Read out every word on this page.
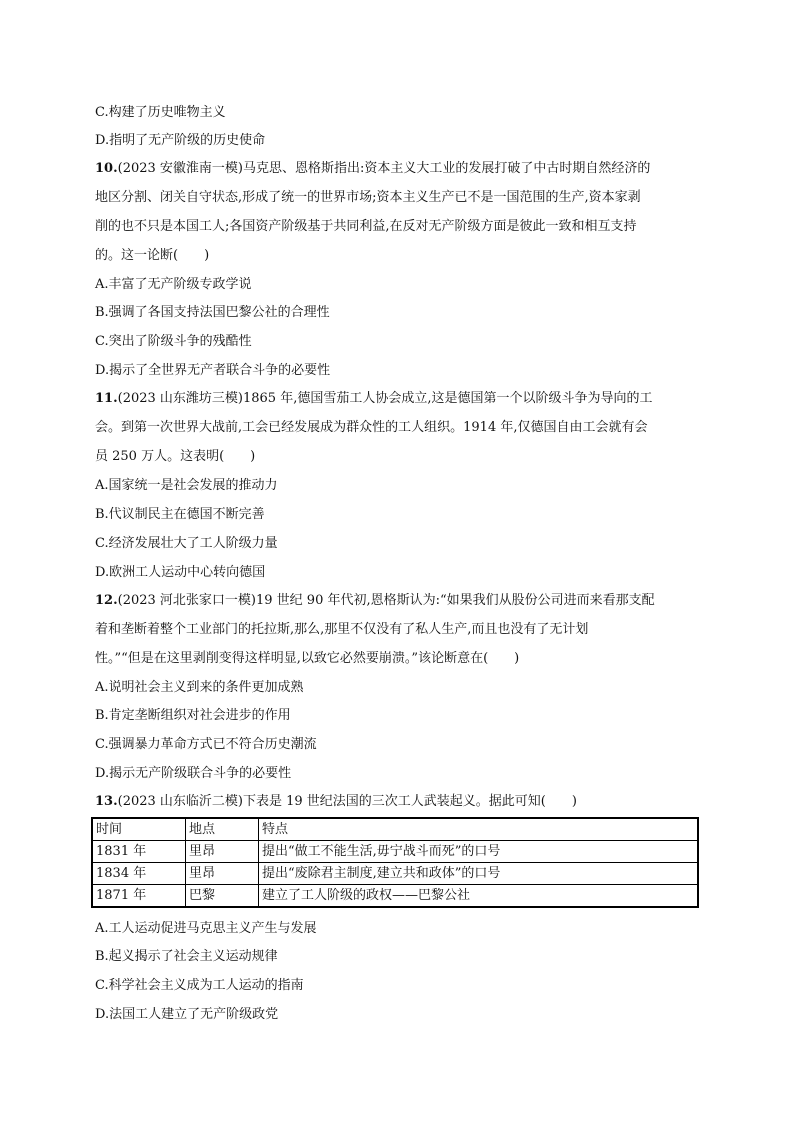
C.构建了历史唯物主义
D.指明了无产阶级的历史使命
10.(2023 安徽淮南一模)马克思、恩格斯指出:资本主义大工业的发展打破了中古时期自然经济的
地区分割、闭关自守状态,形成了统一的世界市场;资本主义生产已不是一国范围的生产,资本家剥
削的也不只是本国工人;各国资产阶级基于共同利益,在反对无产阶级方面是彼此一致和相互支持
的。这一论断(　　)
A.丰富了无产阶级专政学说
B.强调了各国支持法国巴黎公社的合理性
C.突出了阶级斗争的残酷性
D.揭示了全世界无产者联合斗争的必要性
11.(2023 山东潍坊三模)1865 年,德国雪茄工人协会成立,这是德国第一个以阶级斗争为导向的工
会。到第一次世界大战前,工会已经发展成为群众性的工人组织。1914 年,仅德国自由工会就有会
员 250 万人。这表明(　　)
A.国家统一是社会发展的推动力
B.代议制民主在德国不断完善
C.经济发展壮大了工人阶级力量
D.欧洲工人运动中心转向德国
12.(2023 河北张家口一模)19 世纪 90 年代初,恩格斯认为:“如果我们从股份公司进而来看那支配
着和垄断着整个工业部门的托拉斯,那么,那里不仅没有了私人生产,而且也没有了无计划
性。”“但是在这里剥削变得这样明显,以致它必然要崩溃。”该论断意在(　　)
A.说明社会主义到来的条件更加成熟
B.肯定垄断组织对社会进步的作用
C.强调暴力革命方式已不符合历史潮流
D.揭示无产阶级联合斗争的必要性
13.(2023 山东临沂二模)下表是 19 世纪法国的三次工人武装起义。据此可知(　　)
时间	地点	特点
1831 年	里昂	提出“做工不能生活,毋宁战斗而死”的口号
1834 年	里昂	提出“废除君主制度,建立共和政体”的口号
1871 年	巴黎	建立了工人阶级的政权——巴黎公社
A.工人运动促进马克思主义产生与发展
B.起义揭示了社会主义运动规律
C.科学社会主义成为工人运动的指南
D.法国工人建立了无产阶级政党
